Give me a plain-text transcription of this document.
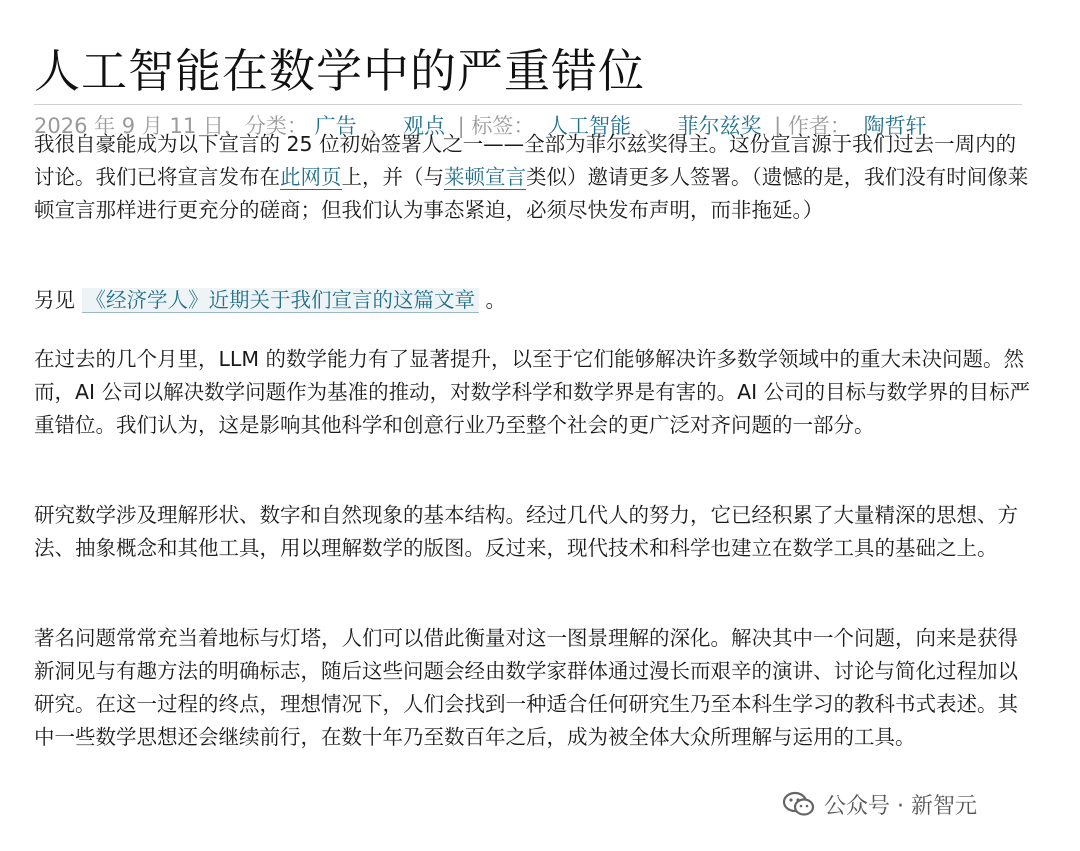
人工智能在数学中的严重错位
2026 年 9 月 11 日，分类： 广告 、 观点 | 标签： 人工智能 、 菲尔兹奖 | 作者： 陶哲轩

我很自豪能成为以下宣言的 25 位初始签署人之一——全部为菲尔兹奖得主。这份宣言源于我们过去一周内的讨论。我们已将宣言发布在此网页上，并（与莱顿宣言类似）邀请更多人签署。（遗憾的是，我们没有时间像莱顿宣言那样进行更充分的磋商；但我们认为事态紧迫，必须尽快发布声明，而非拖延。）

另见 《经济学人》近期关于我们宣言的这篇文章 。

在过去的几个月里，LLM 的数学能力有了显著提升，以至于它们能够解决许多数学领域中的重大未决问题。然而，AI 公司以解决数学问题作为基准的推动，对数学科学和数学界是有害的。AI 公司的目标与数学界的目标严重错位。我们认为，这是影响其他科学和创意行业乃至整个社会的更广泛对齐问题的一部分。

研究数学涉及理解形状、数字和自然现象的基本结构。经过几代人的努力，它已经积累了大量精深的思想、方法、抽象概念和其他工具，用以理解数学的版图。反过来，现代技术和科学也建立在数学工具的基础之上。

著名问题常常充当着地标与灯塔，人们可以借此衡量对这一图景理解的深化。解决其中一个问题，向来是获得新洞见与有趣方法的明确标志，随后这些问题会经由数学家群体通过漫长而艰辛的演讲、讨论与简化过程加以研究。在这一过程的终点，理想情况下，人们会找到一种适合任何研究生乃至本科生学习的教科书式表述。其中一些数学思想还会继续前行，在数十年乃至数百年之后，成为被全体大众所理解与运用的工具。

公众号 · 新智元
